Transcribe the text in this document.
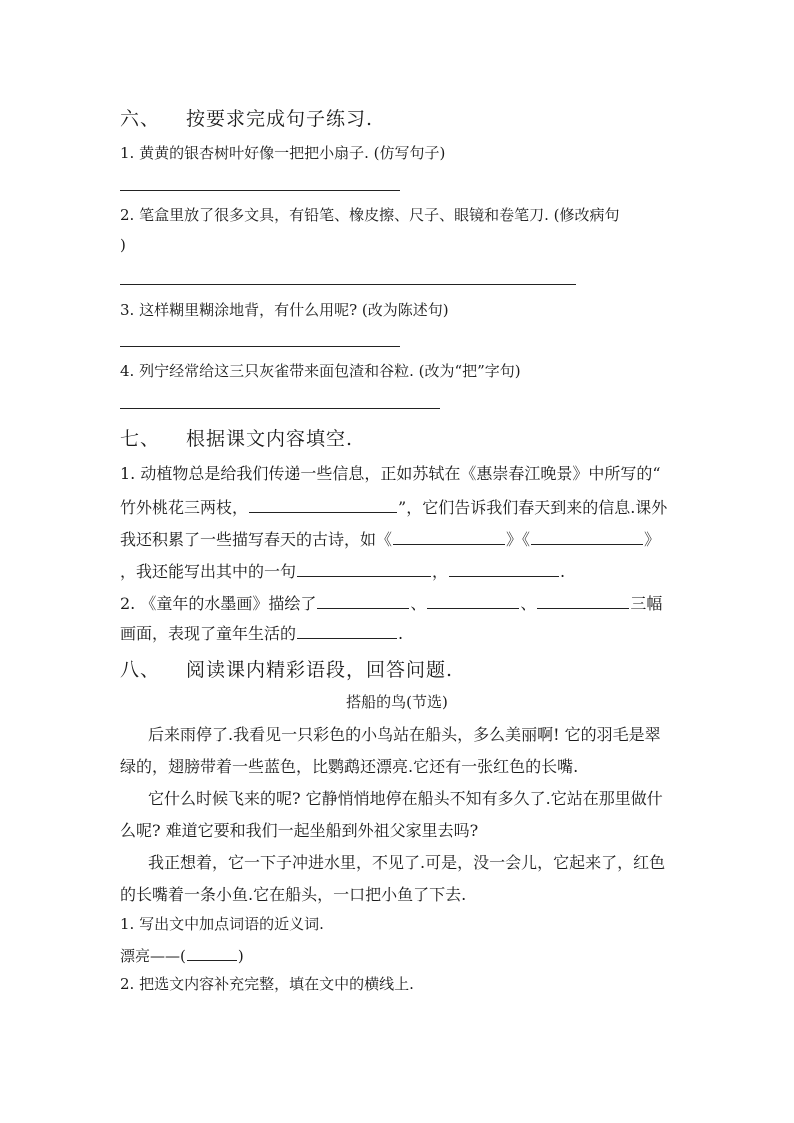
六、 按要求完成句子练习.
1. 黄黄的银杏树叶好像一把把小扇子. (仿写句子)
2. 笔盒里放了很多文具，有铅笔、橡皮擦、尺子、眼镜和卷笔刀. (修改病句
)
3. 这样糊里糊涂地背，有什么用呢? (改为陈述句)
4. 列宁经常给这三只灰雀带来面包渣和谷粒. (改为“把”字句)
七、 根据课文内容填空.
1. 动植物总是给我们传递一些信息，正如苏轼在《惠崇春江晚景》中所写的“
竹外桃花三两枝，	”，它们告诉我们春天到来的信息.课外
我还积累了一些描写春天的古诗，如《	》《	》
，我还能写出其中的一句	，	.
2. 《童年的水墨画》描绘了	、	、	三幅
画面，表现了童年生活的	.
八、 阅读课内精彩语段，回答问题.
搭船的鸟(节选)
后来雨停了.我看见一只彩色的小鸟站在船头，多么美丽啊! 它的羽毛是翠
绿的，翅膀带着一些蓝色，比鹦鹉还漂亮.它还有一张红色的长嘴.
它什么时候飞来的呢? 它静悄悄地停在船头不知有多久了.它站在那里做什
么呢? 难道它要和我们一起坐船到外祖父家里去吗?
我正想着，它一下子冲进水里，不见了.可是，没一会儿，它起来了，红色
的长嘴着一条小鱼.它在船头，一口把小鱼了下去.
1. 写出文中加点词语的近义词.
漂亮——(	)
2. 把选文内容补充完整，填在文中的横线上.
